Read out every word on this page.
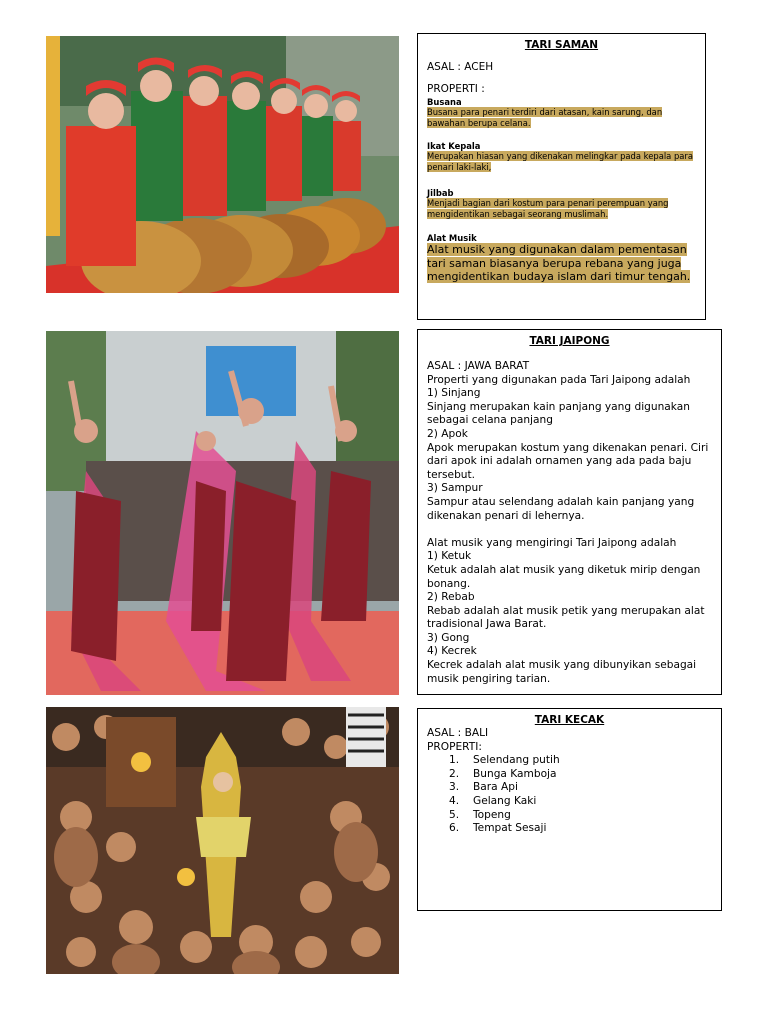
TARI SAMAN
ASAL : ACEH
PROPERTI :
Busana
Busana para penari terdiri dari atasan, kain sarung, dan bawahan berupa celana.
Ikat Kepala
Merupakan hiasan yang dikenakan melingkar pada kepala para penari laki-laki,
Jilbab
Menjadi bagian dari kostum para penari perempuan yang mengidentikan sebagai seorang muslimah.
Alat Musik
Alat musik yang digunakan dalam pementasan tari saman biasanya berupa rebana yang juga mengidentikan budaya islam dari timur tengah.
TARI JAIPONG
ASAL : JAWA BARAT
Properti yang digunakan pada Tari Jaipong adalah
1) Sinjang
Sinjang merupakan kain panjang yang digunakan sebagai celana panjang
2) Apok
Apok merupakan kostum yang dikenakan penari. Ciri dari apok ini adalah ornamen yang ada pada baju tersebut.
3) Sampur
Sampur atau selendang adalah kain panjang yang dikenakan penari di lehernya.
Alat musik yang mengiringi Tari Jaipong adalah
1) Ketuk
Ketuk adalah alat musik yang diketuk mirip dengan bonang.
2) Rebab
Rebab adalah alat musik petik yang merupakan alat tradisional Jawa Barat.
3) Gong
4) Kecrek
Kecrek adalah alat musik yang dibunyikan sebagai musik pengiring tarian.
TARI KECAK
ASAL : BALI
PROPERTI:
1. Selendang putih
2. Bunga Kamboja
3. Bara Api
4. Gelang Kaki
5. Topeng
6. Tempat Sesaji
